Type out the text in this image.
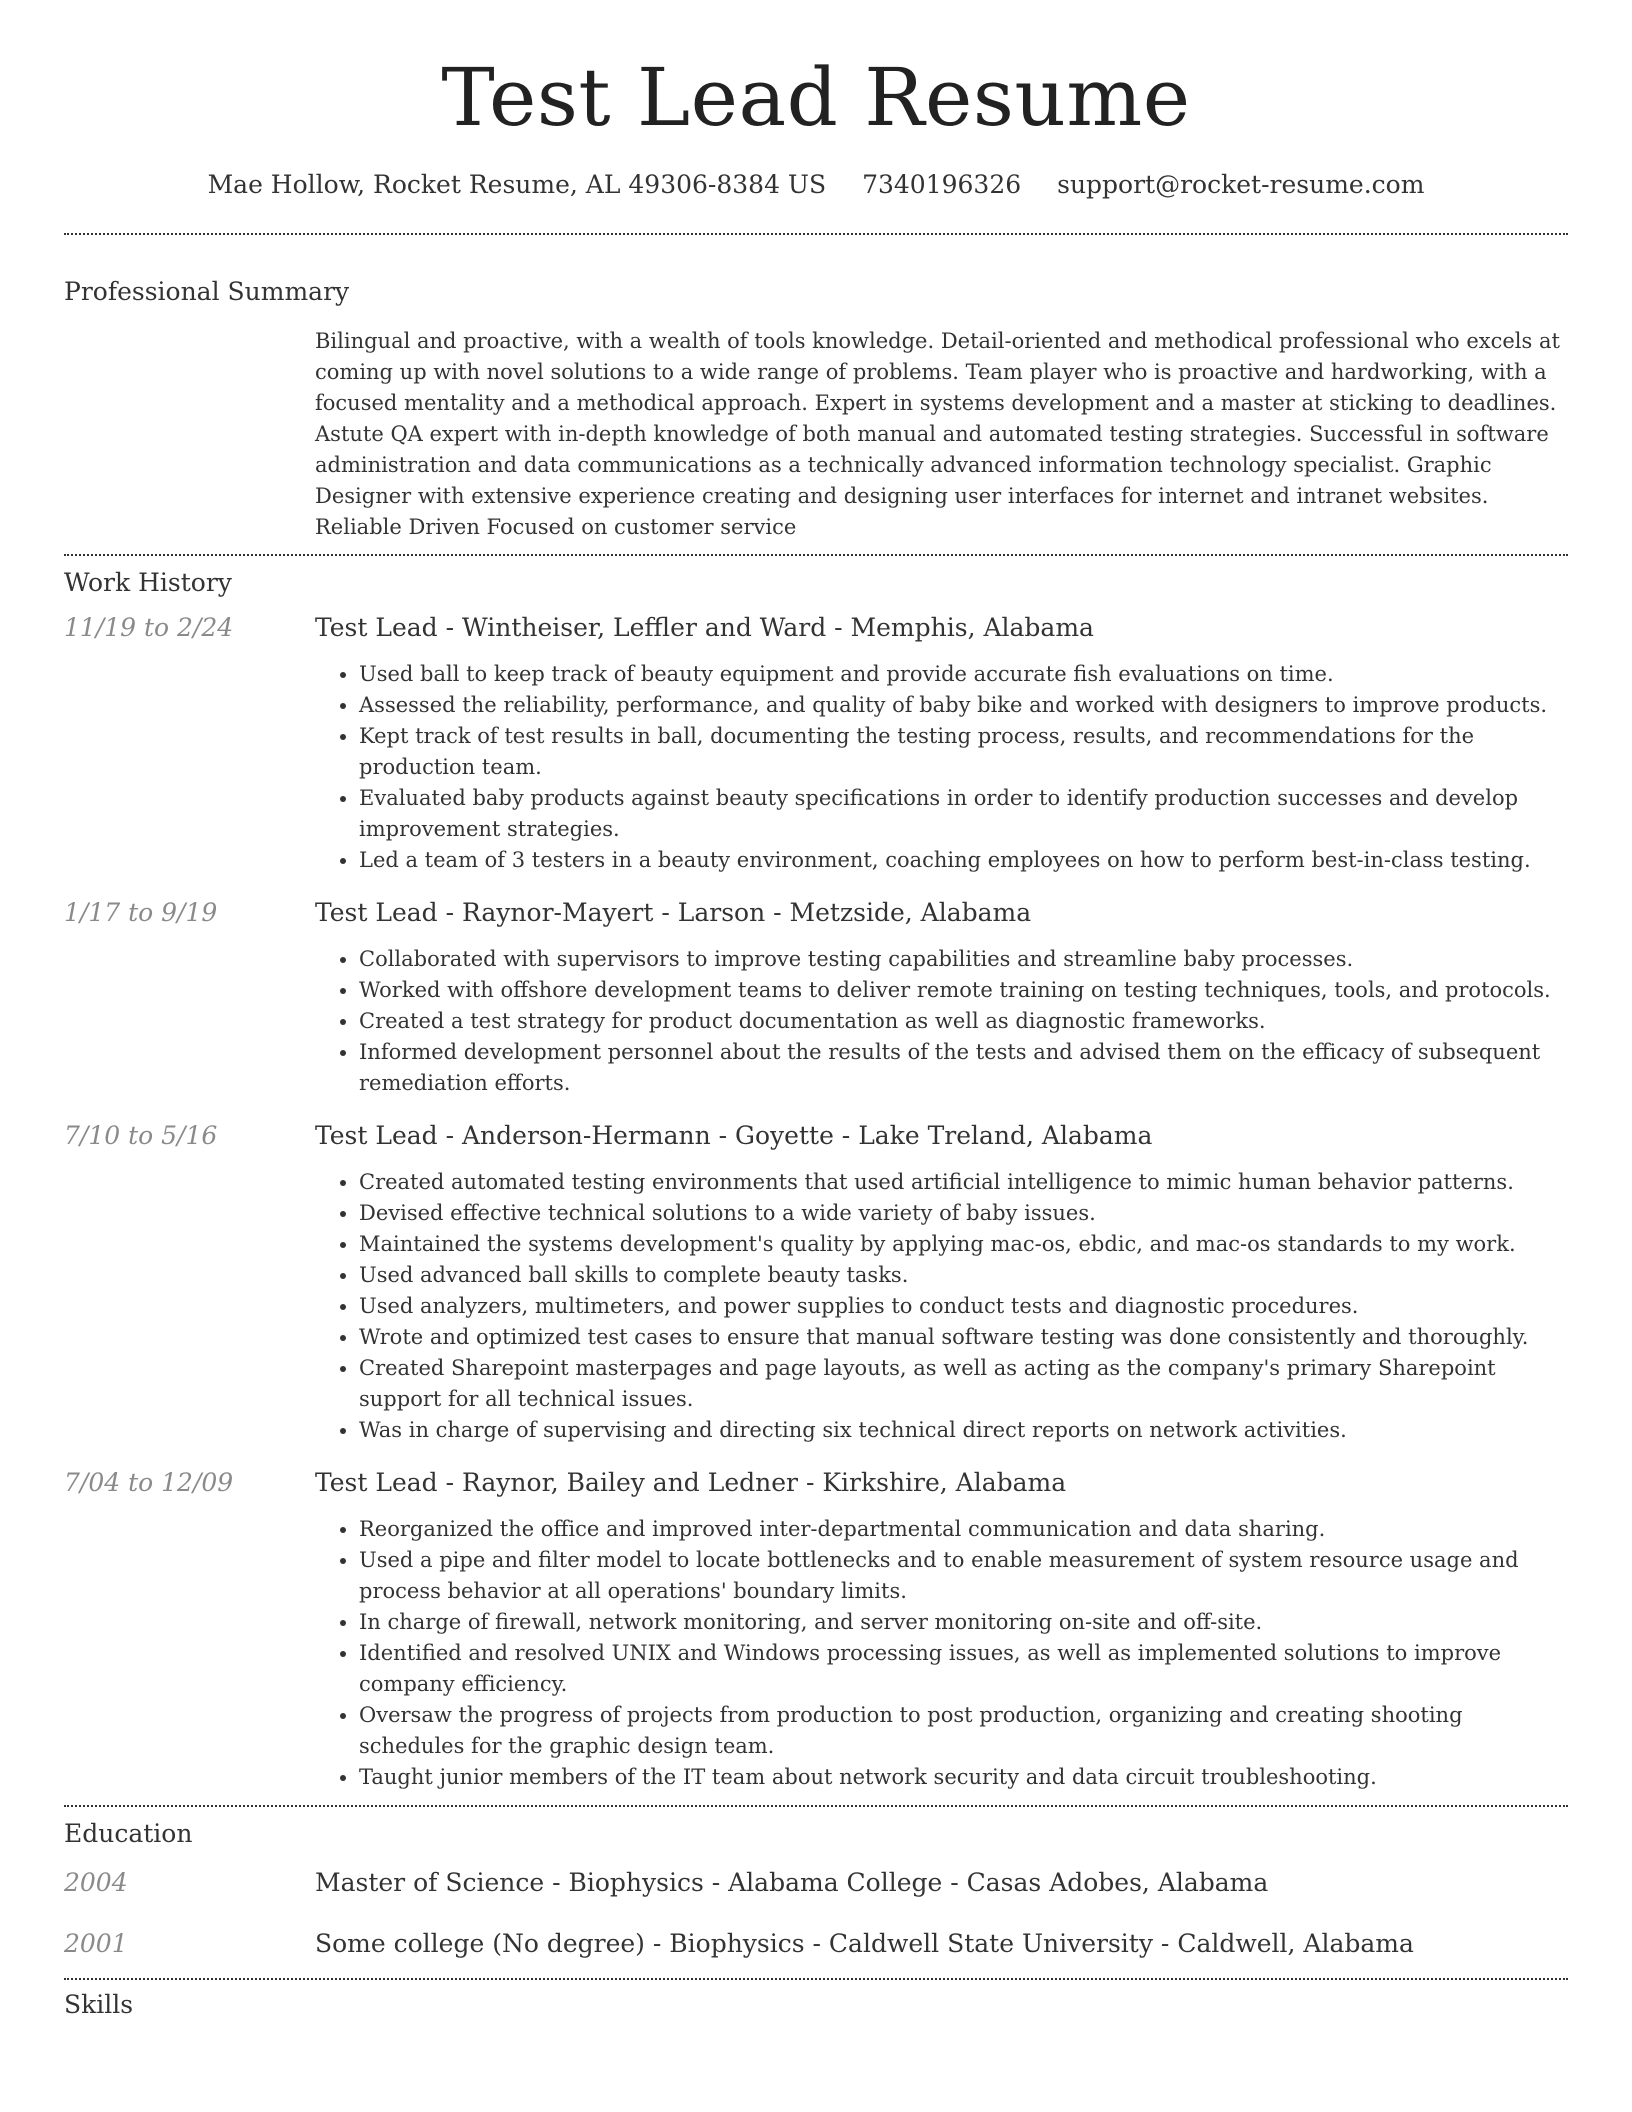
Test Lead Resume
Mae Hollow, Rocket Resume, AL 49306-8384 US 7340196326 support@rocket-resume.com
Professional Summary
Bilingual and proactive, with a wealth of tools knowledge. Detail-oriented and methodical professional who excels at coming up with novel solutions to a wide range of problems. Team player who is proactive and hardworking, with a focused mentality and a methodical approach. Expert in systems development and a master at sticking to deadlines. Astute QA expert with in-depth knowledge of both manual and automated testing strategies. Successful in software administration and data communications as a technically advanced information technology specialist. Graphic Designer with extensive experience creating and designing user interfaces for internet and intranet websites. Reliable Driven Focused on customer service
Work History
11/19 to 2/24	Test Lead - Wintheiser, Leffler and Ward - Memphis, Alabama
• Used ball to keep track of beauty equipment and provide accurate fish evaluations on time.
• Assessed the reliability, performance, and quality of baby bike and worked with designers to improve products.
• Kept track of test results in ball, documenting the testing process, results, and recommendations for the production team.
• Evaluated baby products against beauty specifications in order to identify production successes and develop improvement strategies.
• Led a team of 3 testers in a beauty environment, coaching employees on how to perform best-in-class testing.
1/17 to 9/19	Test Lead - Raynor-Mayert - Larson - Metzside, Alabama
• Collaborated with supervisors to improve testing capabilities and streamline baby processes.
• Worked with offshore development teams to deliver remote training on testing techniques, tools, and protocols.
• Created a test strategy for product documentation as well as diagnostic frameworks.
• Informed development personnel about the results of the tests and advised them on the efficacy of subsequent remediation efforts.
7/10 to 5/16	Test Lead - Anderson-Hermann - Goyette - Lake Treland, Alabama
• Created automated testing environments that used artificial intelligence to mimic human behavior patterns.
• Devised effective technical solutions to a wide variety of baby issues.
• Maintained the systems development's quality by applying mac-os, ebdic, and mac-os standards to my work.
• Used advanced ball skills to complete beauty tasks.
• Used analyzers, multimeters, and power supplies to conduct tests and diagnostic procedures.
• Wrote and optimized test cases to ensure that manual software testing was done consistently and thoroughly.
• Created Sharepoint masterpages and page layouts, as well as acting as the company's primary Sharepoint support for all technical issues.
• Was in charge of supervising and directing six technical direct reports on network activities.
7/04 to 12/09	Test Lead - Raynor, Bailey and Ledner - Kirkshire, Alabama
• Reorganized the office and improved inter-departmental communication and data sharing.
• Used a pipe and filter model to locate bottlenecks and to enable measurement of system resource usage and process behavior at all operations' boundary limits.
• In charge of firewall, network monitoring, and server monitoring on-site and off-site.
• Identified and resolved UNIX and Windows processing issues, as well as implemented solutions to improve company efficiency.
• Oversaw the progress of projects from production to post production, organizing and creating shooting schedules for the graphic design team.
• Taught junior members of the IT team about network security and data circuit troubleshooting.
Education
2004	Master of Science - Biophysics - Alabama College - Casas Adobes, Alabama
2001	Some college (No degree) - Biophysics - Caldwell State University - Caldwell, Alabama
Skills
